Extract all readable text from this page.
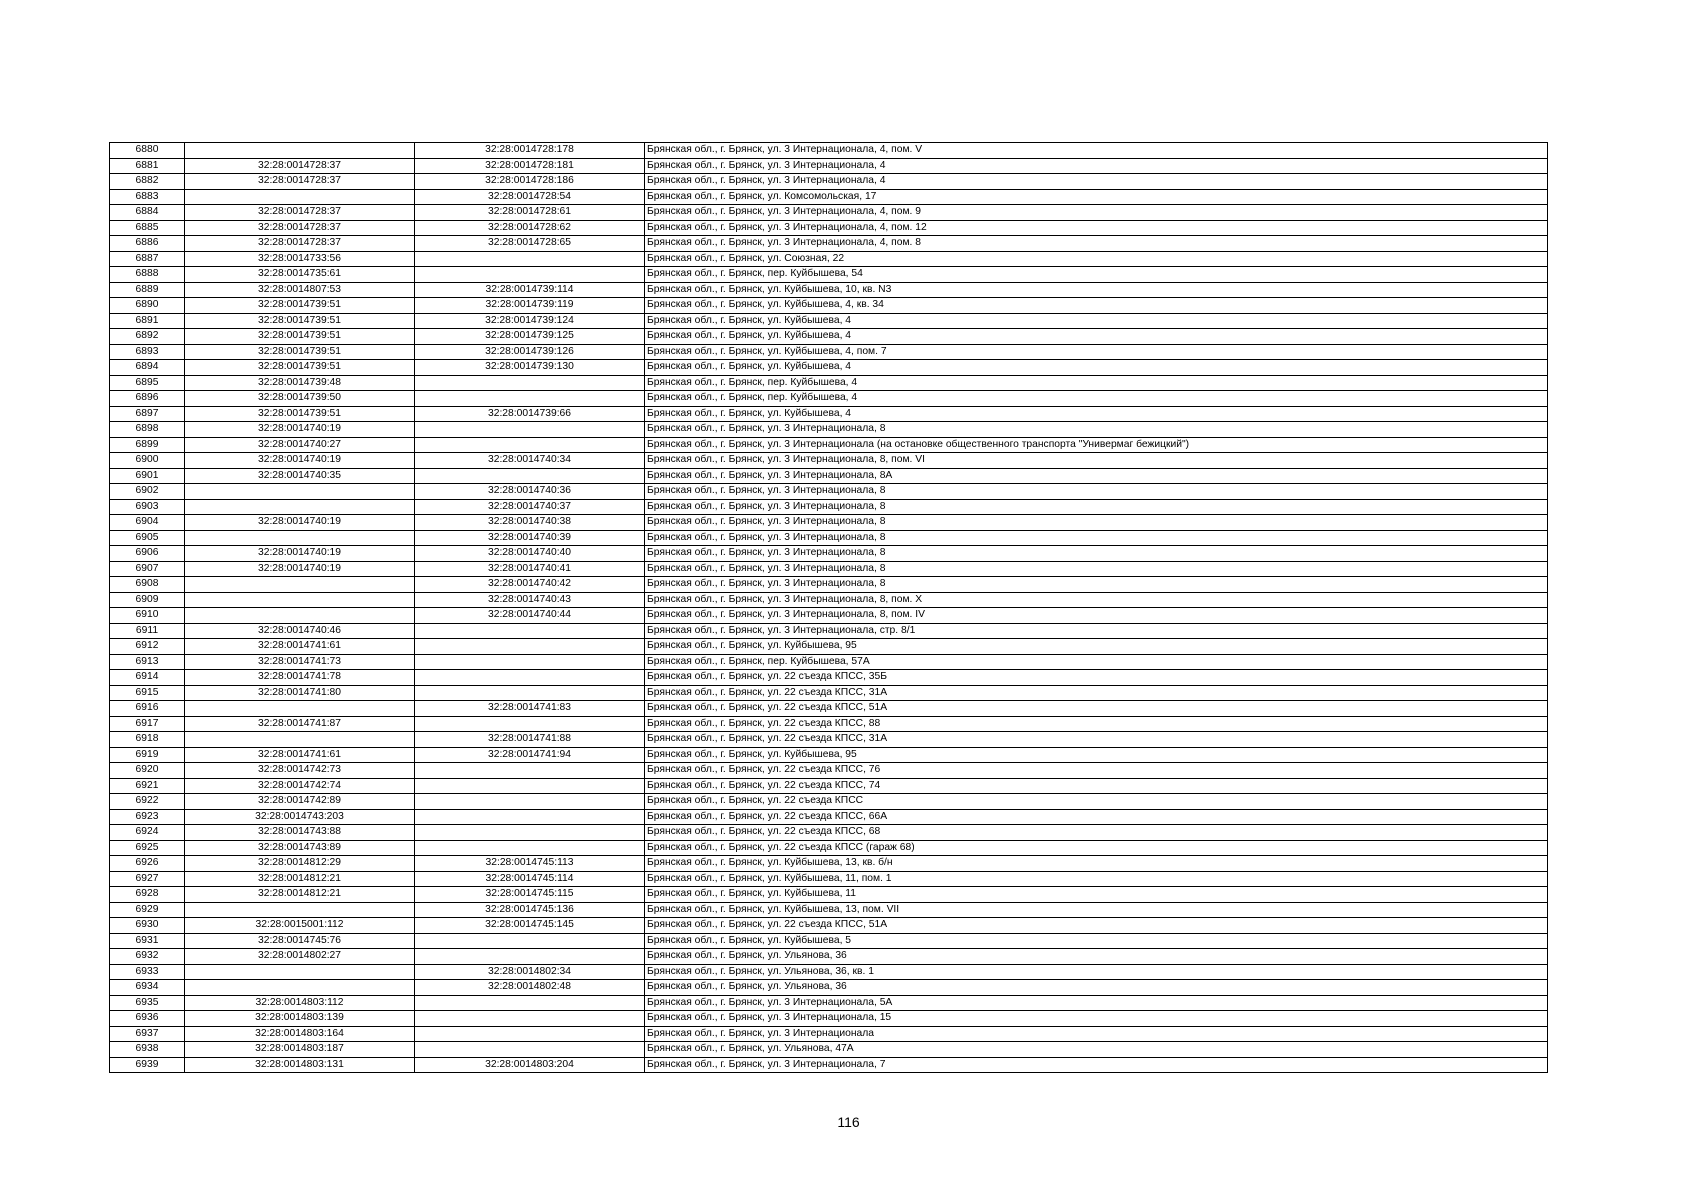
6880		32:28:0014728:178	Брянская обл., г. Брянск, ул. 3 Интернационала, 4, пом. V
6881	32:28:0014728:37	32:28:0014728:181	Брянская обл., г. Брянск, ул. 3 Интернационала, 4
6882	32:28:0014728:37	32:28:0014728:186	Брянская обл., г. Брянск, ул. 3 Интернационала, 4
6883		32:28:0014728:54	Брянская обл., г. Брянск, ул. Комсомольская, 17
6884	32:28:0014728:37	32:28:0014728:61	Брянская обл., г. Брянск, ул. 3 Интернационала, 4, пом. 9
6885	32:28:0014728:37	32:28:0014728:62	Брянская обл., г. Брянск, ул. 3 Интернационала, 4, пом. 12
6886	32:28:0014728:37	32:28:0014728:65	Брянская обл., г. Брянск, ул. 3 Интернационала, 4, пом. 8
6887	32:28:0014733:56		Брянская обл., г. Брянск, ул. Союзная, 22
6888	32:28:0014735:61		Брянская обл., г. Брянск, пер. Куйбышева, 54
6889	32:28:0014807:53	32:28:0014739:114	Брянская обл., г. Брянск, ул. Куйбышева, 10, кв. N3
6890	32:28:0014739:51	32:28:0014739:119	Брянская обл., г. Брянск, ул. Куйбышева, 4, кв. 34
6891	32:28:0014739:51	32:28:0014739:124	Брянская обл., г. Брянск, ул. Куйбышева, 4
6892	32:28:0014739:51	32:28:0014739:125	Брянская обл., г. Брянск, ул. Куйбышева, 4
6893	32:28:0014739:51	32:28:0014739:126	Брянская обл., г. Брянск, ул. Куйбышева, 4, пом. 7
6894	32:28:0014739:51	32:28:0014739:130	Брянская обл., г. Брянск, ул. Куйбышева, 4
6895	32:28:0014739:48		Брянская обл., г. Брянск, пер. Куйбышева, 4
6896	32:28:0014739:50		Брянская обл., г. Брянск, пер. Куйбышева, 4
6897	32:28:0014739:51	32:28:0014739:66	Брянская обл., г. Брянск, ул. Куйбышева, 4
6898	32:28:0014740:19		Брянская обл., г. Брянск, ул. 3 Интернационала, 8
6899	32:28:0014740:27		Брянская обл., г. Брянск, ул. 3 Интернационала (на остановке общественного транспорта "Универмаг бежицкий")
6900	32:28:0014740:19	32:28:0014740:34	Брянская обл., г. Брянск, ул. 3 Интернационала, 8, пом. VI
6901	32:28:0014740:35		Брянская обл., г. Брянск, ул. 3 Интернационала, 8А
6902		32:28:0014740:36	Брянская обл., г. Брянск, ул. 3 Интернационала, 8
6903		32:28:0014740:37	Брянская обл., г. Брянск, ул. 3 Интернационала, 8
6904	32:28:0014740:19	32:28:0014740:38	Брянская обл., г. Брянск, ул. 3 Интернационала, 8
6905		32:28:0014740:39	Брянская обл., г. Брянск, ул. 3 Интернационала, 8
6906	32:28:0014740:19	32:28:0014740:40	Брянская обл., г. Брянск, ул. 3 Интернационала, 8
6907	32:28:0014740:19	32:28:0014740:41	Брянская обл., г. Брянск, ул. 3 Интернационала, 8
6908		32:28:0014740:42	Брянская обл., г. Брянск, ул. 3 Интернационала, 8
6909		32:28:0014740:43	Брянская обл., г. Брянск, ул. 3 Интернационала, 8, пом. X
6910		32:28:0014740:44	Брянская обл., г. Брянск, ул. 3 Интернационала, 8, пом. IV
6911	32:28:0014740:46		Брянская обл., г. Брянск, ул. 3 Интернационала, стр. 8/1
6912	32:28:0014741:61		Брянская обл., г. Брянск, ул. Куйбышева, 95
6913	32:28:0014741:73		Брянская обл., г. Брянск, пер. Куйбышева, 57А
6914	32:28:0014741:78		Брянская обл., г. Брянск, ул. 22 съезда КПСС, 35Б
6915	32:28:0014741:80		Брянская обл., г. Брянск, ул. 22 съезда КПСС, 31А
6916		32:28:0014741:83	Брянская обл., г. Брянск, ул. 22 съезда КПСС, 51А
6917	32:28:0014741:87		Брянская обл., г. Брянск, ул. 22 съезда КПСС, 88
6918		32:28:0014741:88	Брянская обл., г. Брянск, ул. 22 съезда КПСС, 31А
6919	32:28:0014741:61	32:28:0014741:94	Брянская обл., г. Брянск, ул. Куйбышева, 95
6920	32:28:0014742:73		Брянская обл., г. Брянск, ул. 22 съезда КПСС, 76
6921	32:28:0014742:74		Брянская обл., г. Брянск, ул. 22 съезда КПСС, 74
6922	32:28:0014742:89		Брянская обл., г. Брянск, ул. 22 съезда КПСС
6923	32:28:0014743:203		Брянская обл., г. Брянск, ул. 22 съезда КПСС, 66А
6924	32:28:0014743:88		Брянская обл., г. Брянск, ул. 22 съезда КПСС, 68
6925	32:28:0014743:89		Брянская обл., г. Брянск, ул. 22 съезда КПСС (гараж 68)
6926	32:28:0014812:29	32:28:0014745:113	Брянская обл., г. Брянск, ул. Куйбышева, 13, кв. б/н
6927	32:28:0014812:21	32:28:0014745:114	Брянская обл., г. Брянск, ул. Куйбышева, 11, пом. 1
6928	32:28:0014812:21	32:28:0014745:115	Брянская обл., г. Брянск, ул. Куйбышева, 11
6929		32:28:0014745:136	Брянская обл., г. Брянск, ул. Куйбышева, 13, пом. VII
6930	32:28:0015001:112	32:28:0014745:145	Брянская обл., г. Брянск, ул. 22 съезда КПСС, 51А
6931	32:28:0014745:76		Брянская обл., г. Брянск, ул. Куйбышева, 5
6932	32:28:0014802:27		Брянская обл., г. Брянск, ул. Ульянова, 36
6933		32:28:0014802:34	Брянская обл., г. Брянск, ул. Ульянова, 36, кв. 1
6934		32:28:0014802:48	Брянская обл., г. Брянск, ул. Ульянова, 36
6935	32:28:0014803:112		Брянская обл., г. Брянск, ул. 3 Интернационала, 5А
6936	32:28:0014803:139		Брянская обл., г. Брянск, ул. 3 Интернационала, 15
6937	32:28:0014803:164		Брянская обл., г. Брянск, ул. 3 Интернационала
6938	32:28:0014803:187		Брянская обл., г. Брянск, ул. Ульянова, 47А
6939	32:28:0014803:131	32:28:0014803:204	Брянская обл., г. Брянск, ул. 3 Интернационала, 7
116
